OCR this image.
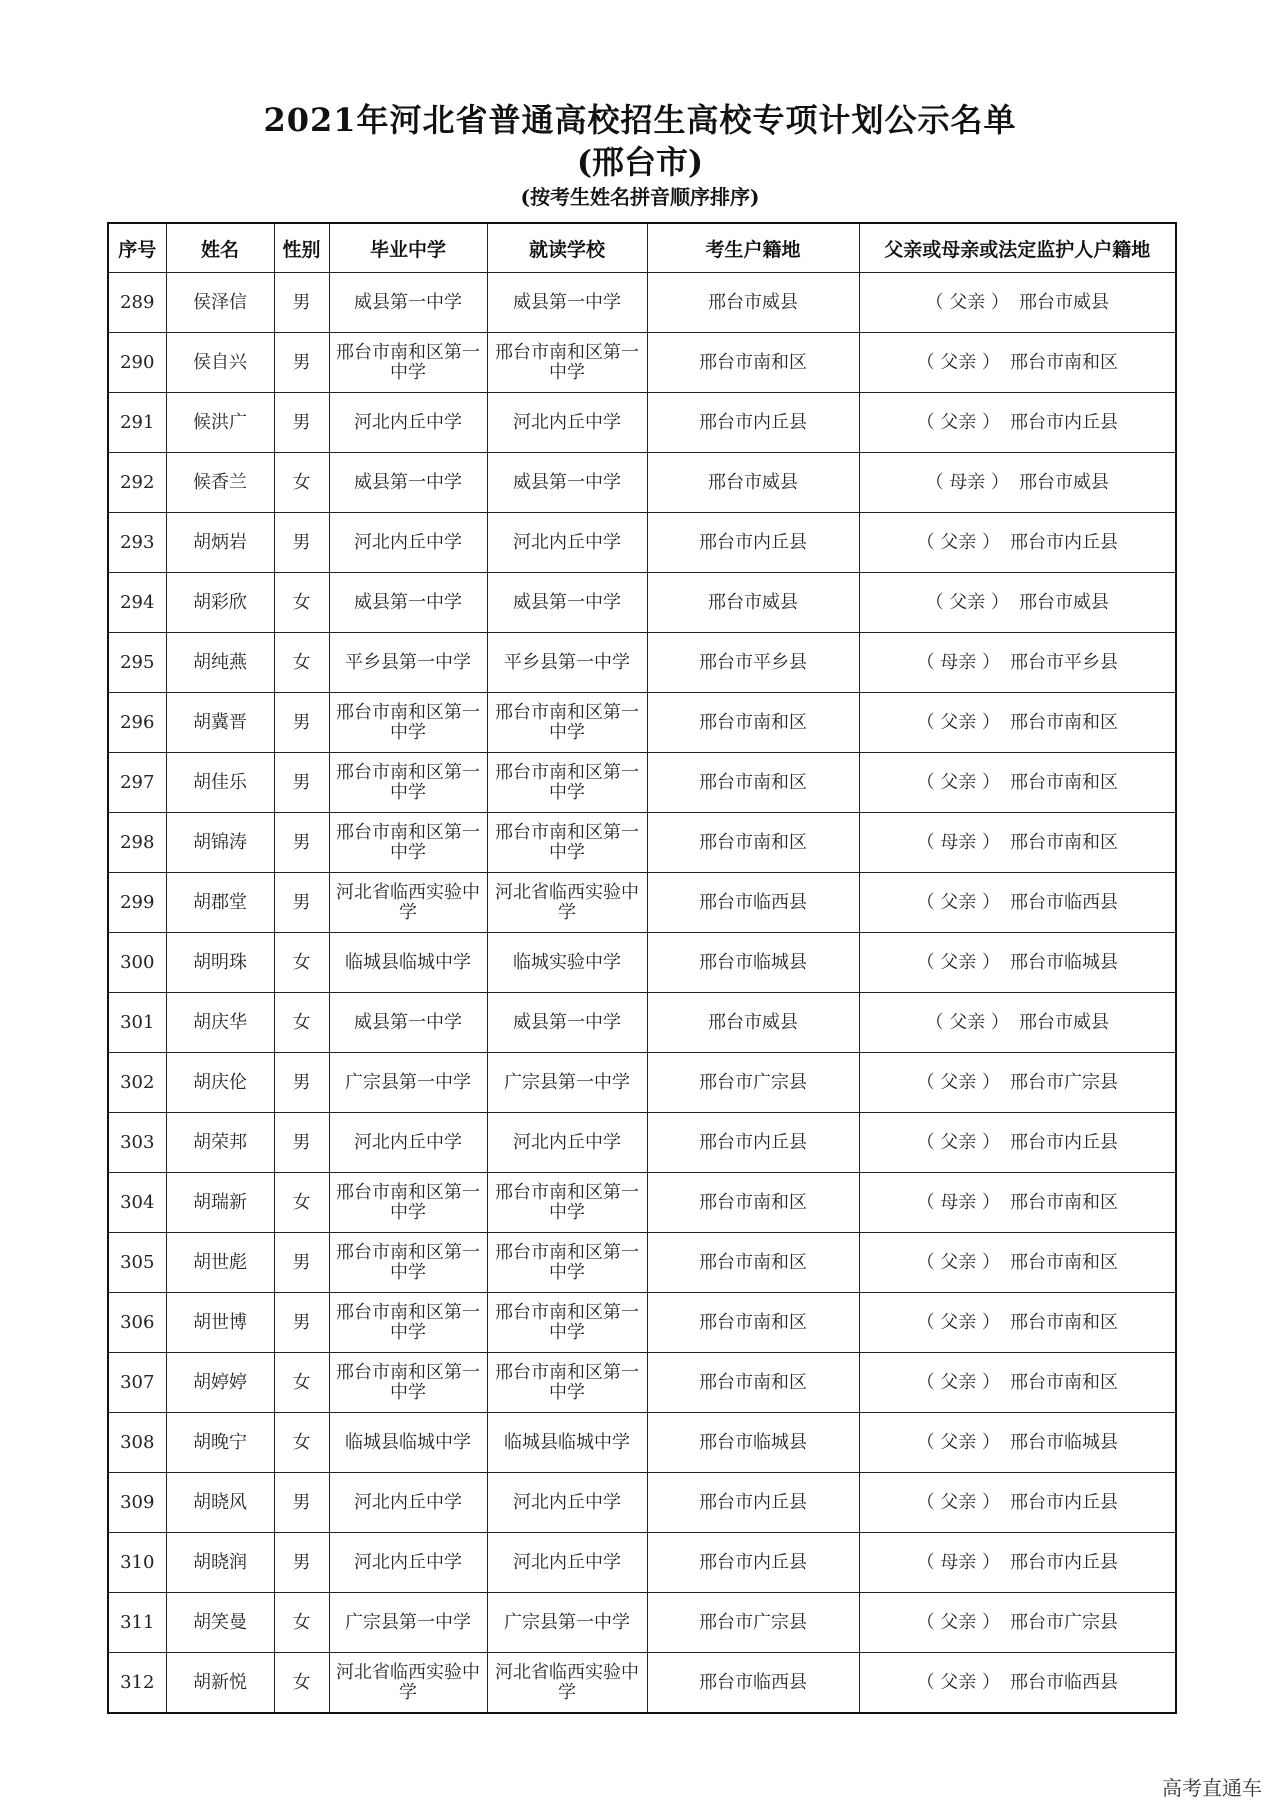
2021年河北省普通高校招生高校专项计划公示名单
(邢台市)
(按考生姓名拼音顺序排序)
序号	姓名	性别	毕业中学	就读学校	考生户籍地	父亲或母亲或法定监护人户籍地
289	侯泽信	男	威县第一中学	威县第一中学	邢台市威县	（ 父亲 ） 邢台市威县
290	侯自兴	男	邢台市南和区第一中学	邢台市南和区第一中学	邢台市南和区	（ 父亲 ） 邢台市南和区
291	候洪广	男	河北内丘中学	河北内丘中学	邢台市内丘县	（ 父亲 ） 邢台市内丘县
292	候香兰	女	威县第一中学	威县第一中学	邢台市威县	（ 母亲 ） 邢台市威县
293	胡炳岩	男	河北内丘中学	河北内丘中学	邢台市内丘县	（ 父亲 ） 邢台市内丘县
294	胡彩欣	女	威县第一中学	威县第一中学	邢台市威县	（ 父亲 ） 邢台市威县
295	胡纯燕	女	平乡县第一中学	平乡县第一中学	邢台市平乡县	（ 母亲 ） 邢台市平乡县
296	胡冀晋	男	邢台市南和区第一中学	邢台市南和区第一中学	邢台市南和区	（ 父亲 ） 邢台市南和区
297	胡佳乐	男	邢台市南和区第一中学	邢台市南和区第一中学	邢台市南和区	（ 父亲 ） 邢台市南和区
298	胡锦涛	男	邢台市南和区第一中学	邢台市南和区第一中学	邢台市南和区	（ 母亲 ） 邢台市南和区
299	胡郡堂	男	河北省临西实验中学	河北省临西实验中学	邢台市临西县	（ 父亲 ） 邢台市临西县
300	胡明珠	女	临城县临城中学	临城实验中学	邢台市临城县	（ 父亲 ） 邢台市临城县
301	胡庆华	女	威县第一中学	威县第一中学	邢台市威县	（ 父亲 ） 邢台市威县
302	胡庆伦	男	广宗县第一中学	广宗县第一中学	邢台市广宗县	（ 父亲 ） 邢台市广宗县
303	胡荣邦	男	河北内丘中学	河北内丘中学	邢台市内丘县	（ 父亲 ） 邢台市内丘县
304	胡瑞新	女	邢台市南和区第一中学	邢台市南和区第一中学	邢台市南和区	（ 母亲 ） 邢台市南和区
305	胡世彪	男	邢台市南和区第一中学	邢台市南和区第一中学	邢台市南和区	（ 父亲 ） 邢台市南和区
306	胡世博	男	邢台市南和区第一中学	邢台市南和区第一中学	邢台市南和区	（ 父亲 ） 邢台市南和区
307	胡婷婷	女	邢台市南和区第一中学	邢台市南和区第一中学	邢台市南和区	（ 父亲 ） 邢台市南和区
308	胡晚宁	女	临城县临城中学	临城县临城中学	邢台市临城县	（ 父亲 ） 邢台市临城县
309	胡晓风	男	河北内丘中学	河北内丘中学	邢台市内丘县	（ 父亲 ） 邢台市内丘县
310	胡晓润	男	河北内丘中学	河北内丘中学	邢台市内丘县	（ 母亲 ） 邢台市内丘县
311	胡笑曼	女	广宗县第一中学	广宗县第一中学	邢台市广宗县	（ 父亲 ） 邢台市广宗县
312	胡新悦	女	河北省临西实验中学	河北省临西实验中学	邢台市临西县	（ 父亲 ） 邢台市临西县
高考直通车
